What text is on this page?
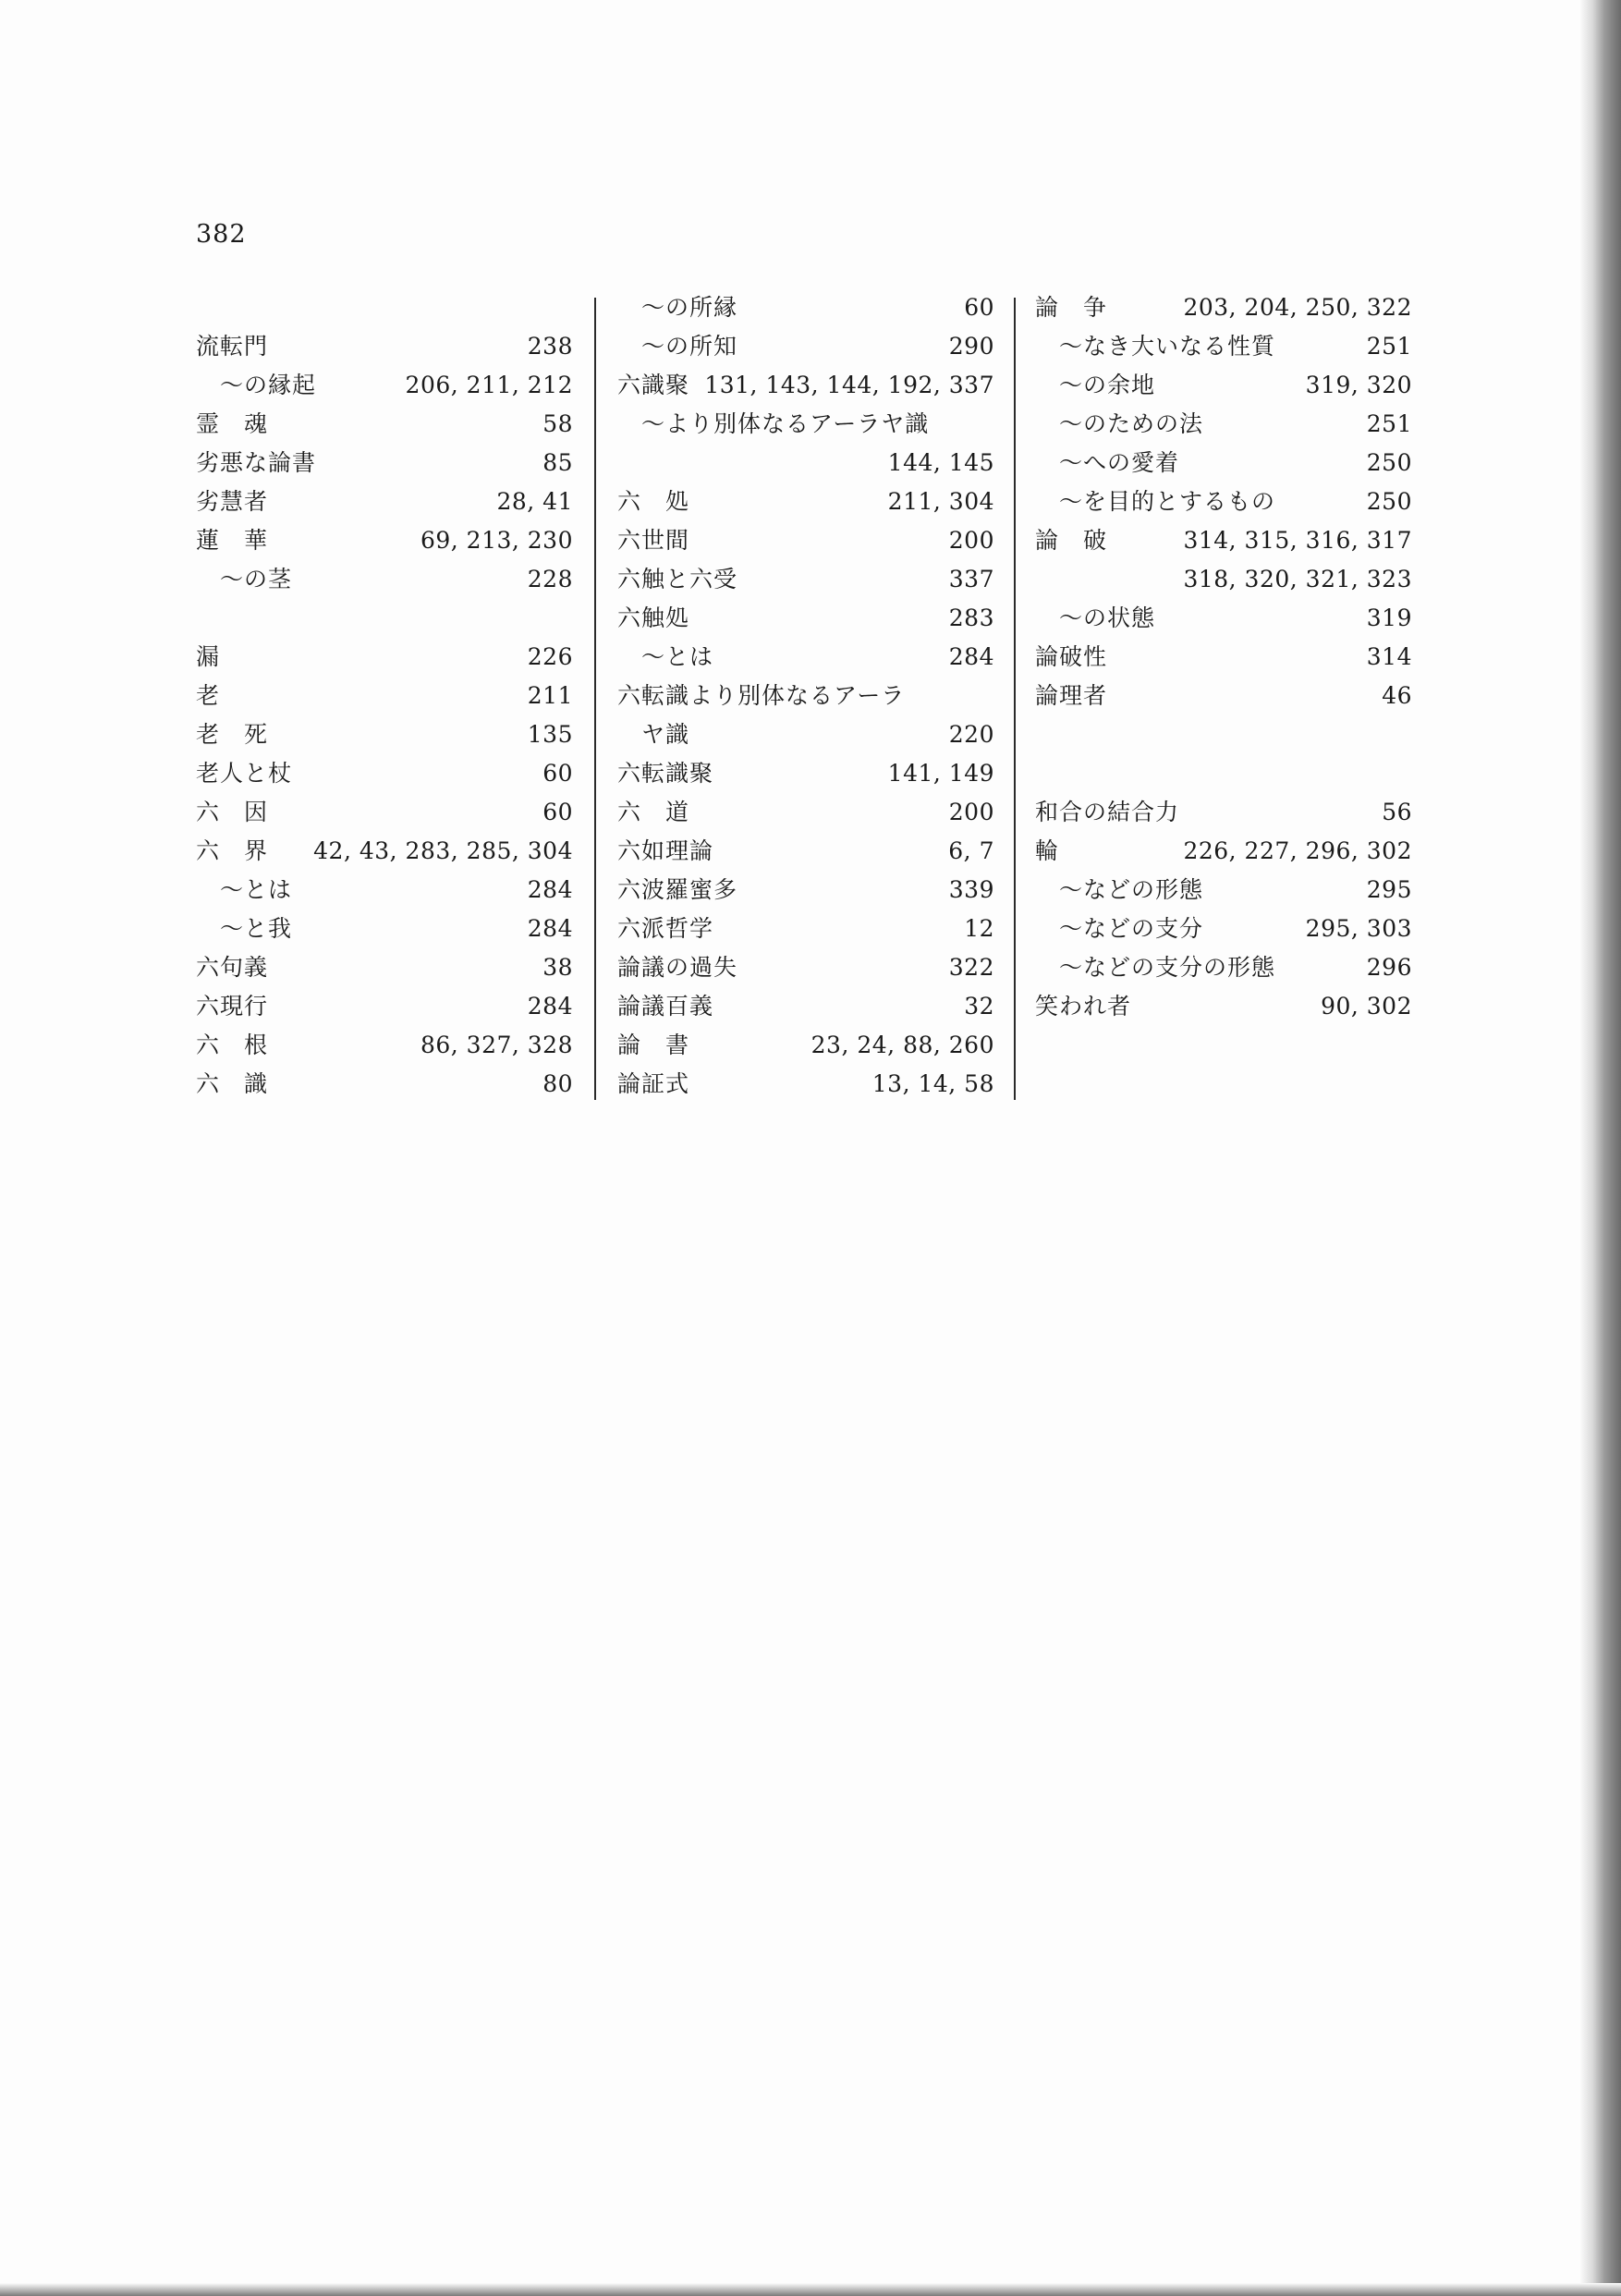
382
流転門	238
～の縁起	206, 211, 212
霊　魂	58
劣悪な論書	85
劣慧者	28, 41
蓮　華	69, 213, 230
～の茎	228
漏	226
老	211
老　死	135
老人と杖	60
六　因	60
六　界 42, 43, 283, 285, 304
～とは	284
～と我	284
六句義	38
六現行	284
六　根	86, 327, 328
六　識	80
～の所縁	60
～の所知	290
六識聚 131, 143, 144, 192, 337
～より別体なるアーラヤ識
144, 145
六　処	211, 304
六世間	200
六触と六受	337
六触処	283
～とは	284
六転識より別体なるアーラ
ヤ識	220
六転識聚	141, 149
六　道	200
六如理論	6, 7
六波羅蜜多	339
六派哲学	12
論議の過失	322
論議百義	32
論　書	23, 24, 88, 260
論証式	13, 14, 58
論　争	203, 204, 250, 322
～なき大いなる性質	251
～の余地	319, 320
～のための法	251
～への愛着	250
～を目的とするもの	250
論　破	314, 315, 316, 317
318, 320, 321, 323
～の状態	319
論破性	314
論理者	46
和合の結合力	56
輪	226, 227, 296, 302
～などの形態	295
～などの支分	295, 303
～などの支分の形態	296
笑われ者	90, 302
